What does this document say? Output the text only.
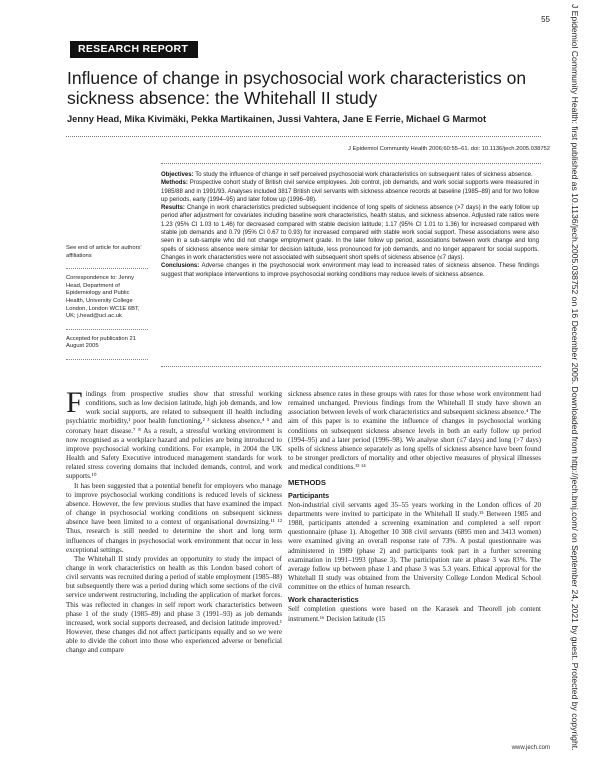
55	J Epidemiol Community Health: first published as 10.1136/jech.2005.038752 on 16 December 2005. Downloaded from http://jech.bmj.com/ on September 24, 2021 by guest. Protected by copyright.
RESEARCH REPORT
Influence of change in psychosocial work characteristics on sickness absence: the Whitehall II study
Jenny Head, Mika Kivimäki, Pekka Martikainen, Jussi Vahtera, Jane E Ferrie, Michael G Marmot
J Epidemiol Community Health 2006;60:55–61. doi: 10.1136/jech.2005.038752

Objectives: To study the influence of change in self perceived psychosocial work characteristics on subsequent rates of sickness absence.

Methods: Prospective cohort study of British civil service employees. Job control, job demands, and work social supports were measured in 1985/88 and in 1991/93. Analyses included 3817 British civil servants with sickness absence records at baseline (1985–89) and for two follow up periods, early (1994–95) and later follow up (1996–98).

Results: Change in work characteristics predicted subsequent incidence of long spells of sickness absence (>7 days) in the early follow up period after adjustment for covariates including baseline work characteristics, health status, and sickness absence. Adjusted rate ratios were 1.23 (95% CI 1.03 to 1.46) for decreased compared with stable decision latitude; 1.17 (95% CI 1.01 to 1.36) for increased compared with stable job demands and 0.79 (95% CI 0.67 to 0.93) for increased compared with stable work social support. These associations were also seen in a sub-sample who did not change employment grade. In the later follow up period, associations between work change and long spells of sickness absence were similar for decision latitude, less pronounced for job demands, and no longer apparent for social supports. Changes in work characteristics were not associated with subsequent short spells of sickness absence (≤7 days).

Conclusions: Adverse changes in the psychosocial work environment may lead to increased rates of sickness absence. These findings suggest that workplace interventions to improve psychosocial working conditions may reduce levels of sickness absence.

See end of article for authors’ affiliations

Correspondence to: Jenny Head, Department of Epidemiology and Public Health, University College London, London WC1E 6BT, UK; j.head@ucl.ac.uk

Accepted for publication 21 August 2005

Findings from prospective studies show that stressful working conditions, such as low decision latitude, high job demands, and low work social supports, are related to subsequent ill health including psychiatric morbidity,¹ poor health functioning,² ³ sickness absence,⁴ ⁵ and coronary heart disease.⁷ ⁸ As a result, a stressful working environment is now recognised as a workplace hazard and policies are being introduced to improve psychosocial working conditions. For example, in 2004 the UK Health and Safety Executive introduced management standards for work related stress covering domains that included demands, control, and work supports.¹⁰

It has been suggested that a potential benefit for employers who manage to improve psychosocial working conditions is reduced levels of sickness absence. However, the few previous studies that have examined the impact of change in psychosocial working conditions on subsequent sickness absence have been limited to a context of organisational downsizing.¹¹ ¹² Thus, research is still needed to determine the short and long term influences of changes in psychosocial work environment that occur in less exceptional settings.

The Whitehall II study provides an opportunity to study the impact of change in work characteristics on health as this London based cohort of civil servants was recruited during a period of stable employment (1985–88) but subsequently there was a period during which some sections of the civil service underwent restructuring, including the application of market forces. This was reflected in changes in self report work characteristics between phase 1 of the study (1985–89) and phase 3 (1991–93) as job demands increased, work social supports decreased, and decision latitude improved.¹ However, these changes did not affect participants equally and so we were able to divide the cohort into those who experienced adverse or beneficial change and compare

sickness absence rates in these groups with rates for those whose work environment had remained unchanged. Previous findings from the Whitehall II study have shown an association between levels of work characteristics and subsequent sickness absence.⁴ The aim of this paper is to examine the influence of changes in psychosocial working conditions on subsequent sickness absence levels in both an early follow up period (1994–95) and a later period (1996–98). We analyse short (≤7 days) and long (>7 days) spells of sickness absence separately as long spells of sickness absence have been found to be stronger predictors of mortality and other objective measures of physical illnesses and medical conditions.¹³ ¹⁴

METHODS
Participants

Non-industrial civil servants aged 35–55 years working in the London offices of 20 departments were invited to participate in the Whitehall II study.¹⁵ Between 1985 and 1988, participants attended a screening examination and completed a self report questionnaire (phase 1). Altogether 10 308 civil servants (6895 men and 3413 women) were examined giving an overall response rate of 73%. A postal questionnaire was administered in 1989 (phase 2) and participants took part in a further screening examination in 1991–1993 (phase 3). The participation rate at phase 3 was 83%. The average follow up between phase 1 and phase 3 was 5.3 years. Ethical approval for the Whitehall II study was obtained from the University College London Medical School committee on the ethics of human research.

Work characteristics

Self completion questions were based on the Karasek and Theorell job content instrument.¹⁶ Decision latitude (15

www.jech.com
